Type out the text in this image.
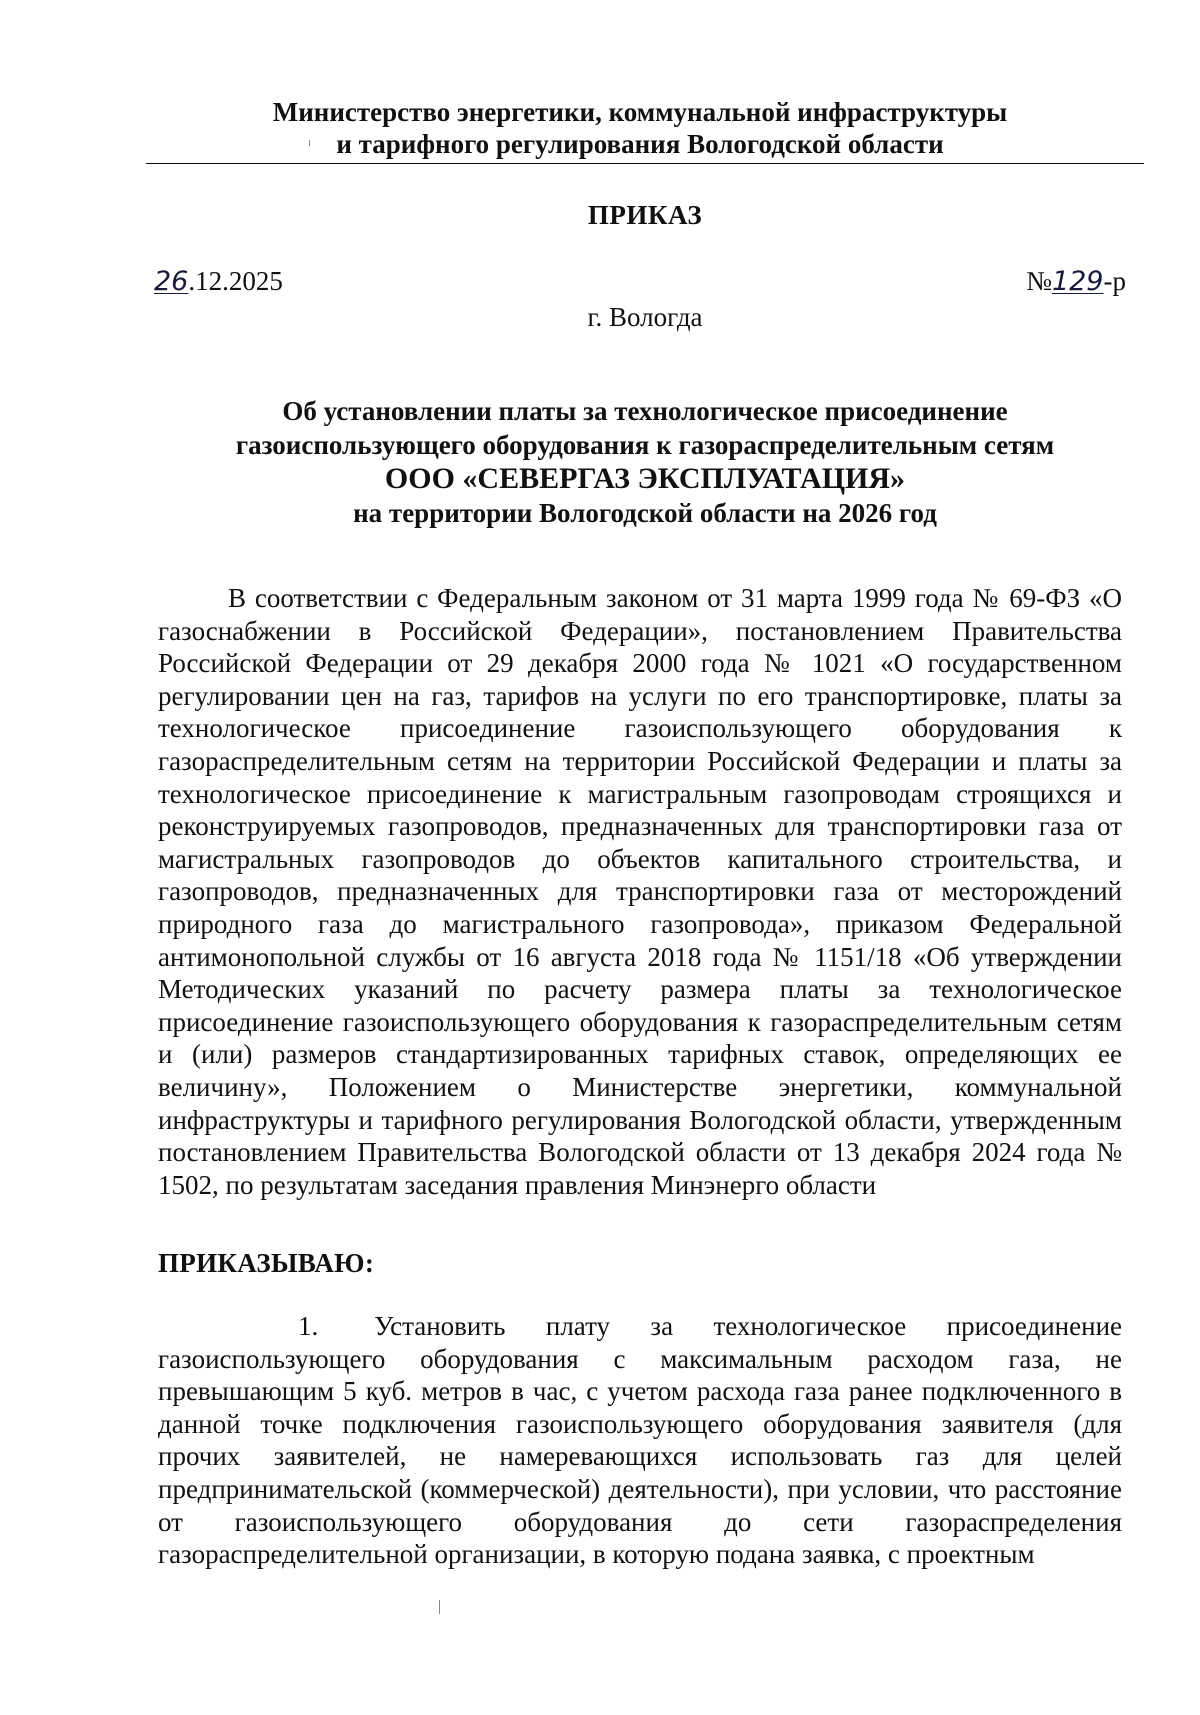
Министерство энергетики, коммунальной инфраструктуры
и тарифного регулирования Вологодской области
ПРИКАЗ
26.12.2025	№129-р
г. Вологда
Об установлении платы за технологическое присоединение
газоиспользующего оборудования к газораспределительным сетям
ООО «СЕВЕРГАЗ ЭКСПЛУАТАЦИЯ»
на территории Вологодской области на 2026 год

В соответствии с Федеральным законом от 31 марта 1999 года № 69-ФЗ «О газоснабжении в Российской Федерации», постановлением Правительства Российской Федерации от 29 декабря 2000 года № 1021 «О государственном регулировании цен на газ, тарифов на услуги по его транспортировке, платы за технологическое присоединение газоиспользующего оборудования к газораспределительным сетям на территории Российской Федерации и платы за технологическое присоединение к магистральным газопроводам строящихся и реконструируемых газопроводов, предназначенных для транспортировки газа от магистральных газопроводов до объектов капитального строительства, и газопроводов, предназначенных для транспортировки газа от месторождений природного газа до магистрального газопровода», приказом Федеральной антимонопольной службы от 16 августа 2018 года № 1151/18 «Об утверждении Методических указаний по расчету размера платы за технологическое присоединение газоиспользующего оборудования к газораспределительным сетям и (или) размеров стандартизированных тарифных ставок, определяющих ее величину», Положением о Министерстве энергетики, коммунальной инфраструктуры и тарифного регулирования Вологодской области, утвержденным постановлением Правительства Вологодской области от 13 декабря 2024 года № 1502, по результатам заседания правления Минэнерго области

ПРИКАЗЫВАЮ:

1. Установить плату за технологическое присоединение газоиспользующего оборудования с максимальным расходом газа, не превышающим 5 куб. метров в час, с учетом расхода газа ранее подключенного в данной точке подключения газоиспользующего оборудования заявителя (для прочих заявителей, не намеревающихся использовать газ для целей предпринимательской (коммерческой) деятельности), при условии, что расстояние от газоиспользующего оборудования до сети газораспределения газораспределительной организации, в которую подана заявка, с проектным
